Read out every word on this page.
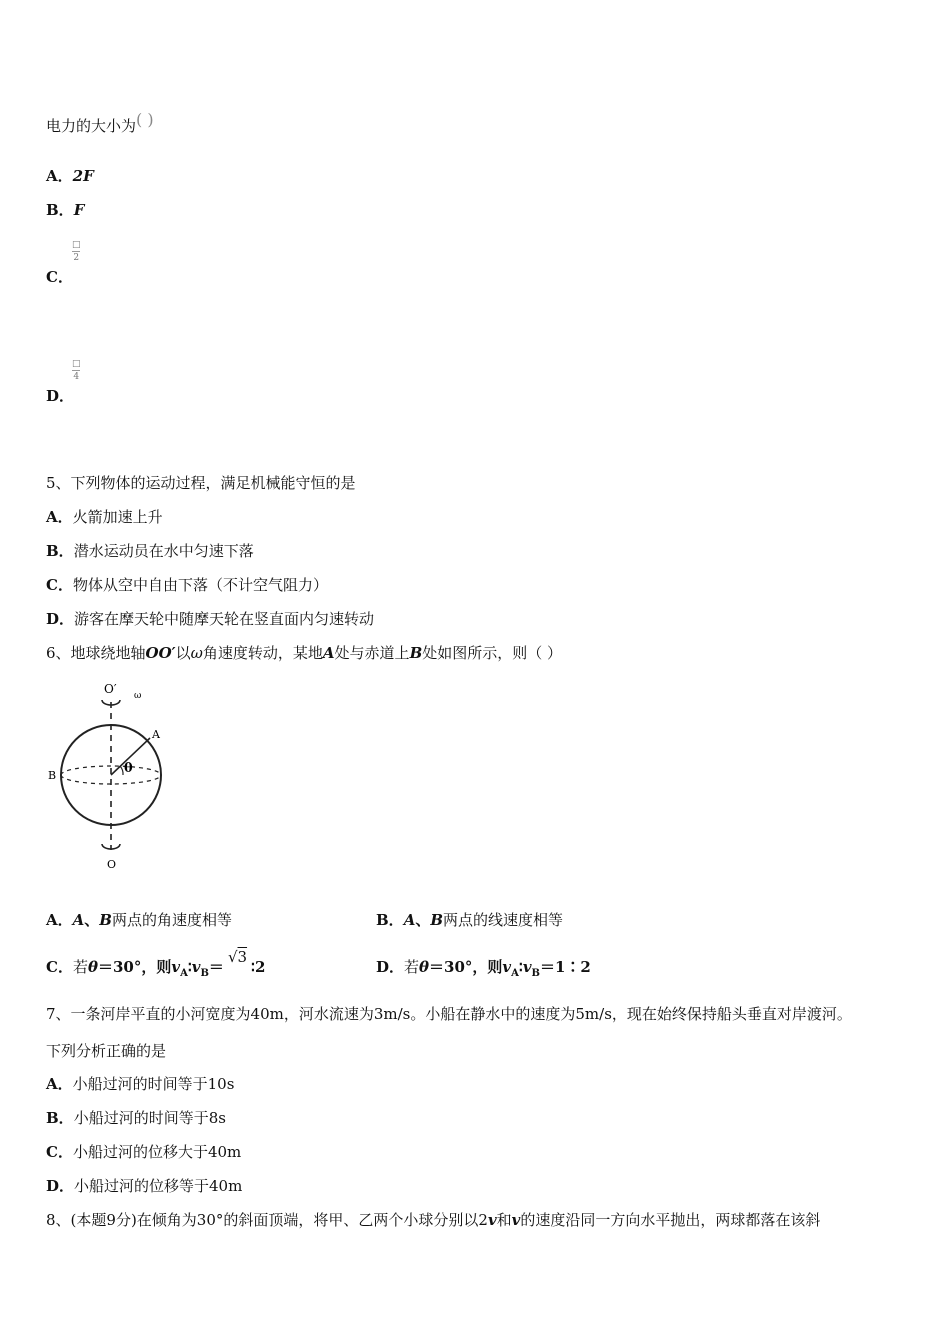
电力的大小为( )
A．2F
B．F
C．
□
2
D．
□
4
5、下列物体的运动过程，满足机械能守恒的是
A．火箭加速上升
B．潜水运动员在水中匀速下落
C．物体从空中自由下落（不计空气阻力）
D．游客在摩天轮中随摩天轮在竖直面内匀速转动
6、地球绕地轴OO′以ω角速度转动，某地A处与赤道上B处如图所示，则（ ）
O′ ω
A
B	θ
O
A．A、B两点的角速度相等	B．A、B两点的线速度相等
C．若θ＝30°，则$v_A∶v_B=√3∶2$	D．若θ＝30°，则$v_A∶v_B=1∶2$
7、一条河岸平直的小河宽度为40m，河水流速为3m/s。小船在静水中的速度为5m/s，现在始终保持船头垂直对岸渡河。
下列分析正确的是
A．小船过河的时间等于10s
B．小船过河的时间等于8s
C．小船过河的位移大于40m
D．小船过河的位移等于40m
8、(本题9分)在倾角为30°的斜面顶端，将甲、乙两个小球分别以2v和v的速度沿同一方向水平抛出，两球都落在该斜
